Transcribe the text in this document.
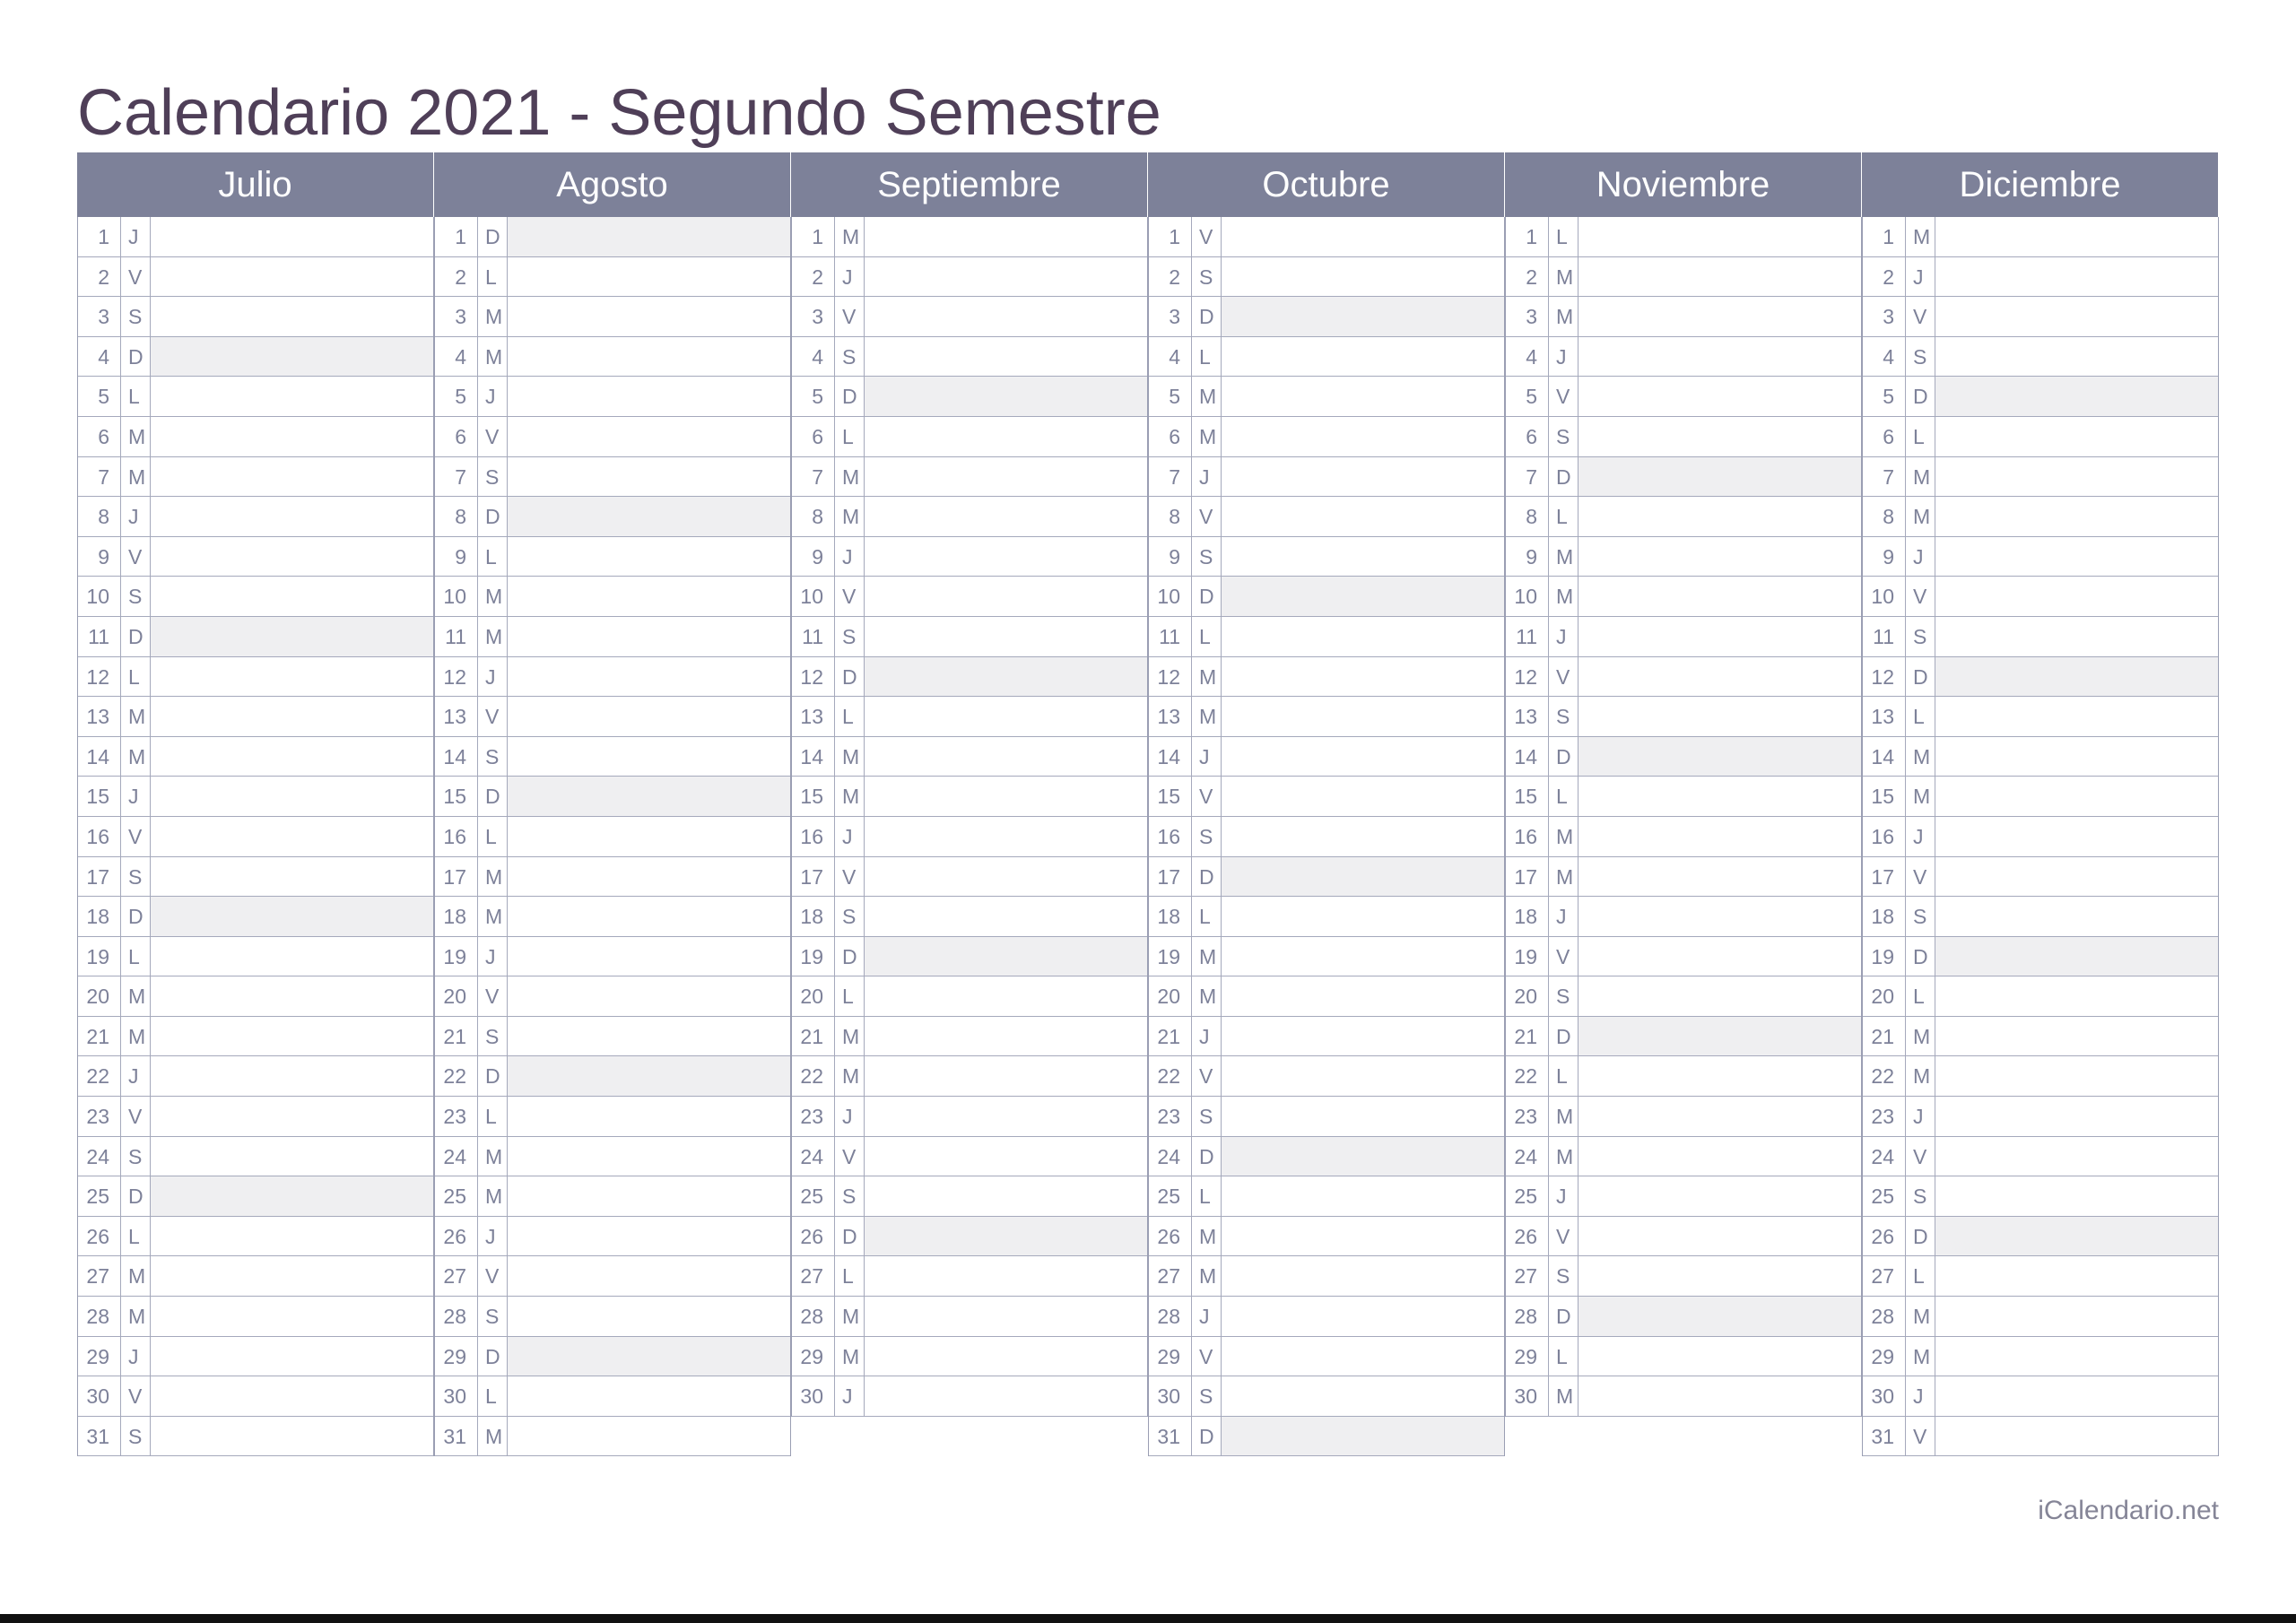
Calendario 2021 - Segundo Semestre
Julio
1 J
2 V
3 S
4 D
5 L
6 M
7 M
8 J
9 V
10 S
11 D
12 L
13 M
14 M
15 J
16 V
17 S
18 D
19 L
20 M
21 M
22 J
23 V
24 S
25 D
26 L
27 M
28 M
29 J
30 V
31 S
Agosto
1 D
2 L
3 M
4 M
5 J
6 V
7 S
8 D
9 L
10 M
11 M
12 J
13 V
14 S
15 D
16 L
17 M
18 M
19 J
20 V
21 S
22 D
23 L
24 M
25 M
26 J
27 V
28 S
29 D
30 L
31 M
Septiembre
1 M
2 J
3 V
4 S
5 D
6 L
7 M
8 M
9 J
10 V
11 S
12 D
13 L
14 M
15 M
16 J
17 V
18 S
19 D
20 L
21 M
22 M
23 J
24 V
25 S
26 D
27 L
28 M
29 M
30 J
Octubre
1 V
2 S
3 D
4 L
5 M
6 M
7 J
8 V
9 S
10 D
11 L
12 M
13 M
14 J
15 V
16 S
17 D
18 L
19 M
20 M
21 J
22 V
23 S
24 D
25 L
26 M
27 M
28 J
29 V
30 S
31 D
Noviembre
1 L
2 M
3 M
4 J
5 V
6 S
7 D
8 L
9 M
10 M
11 J
12 V
13 S
14 D
15 L
16 M
17 M
18 J
19 V
20 S
21 D
22 L
23 M
24 M
25 J
26 V
27 S
28 D
29 L
30 M
Diciembre
1 M
2 J
3 V
4 S
5 D
6 L
7 M
8 M
9 J
10 V
11 S
12 D
13 L
14 M
15 M
16 J
17 V
18 S
19 D
20 L
21 M
22 M
23 J
24 V
25 S
26 D
27 L
28 M
29 M
30 J
31 V
iCalendario.net
